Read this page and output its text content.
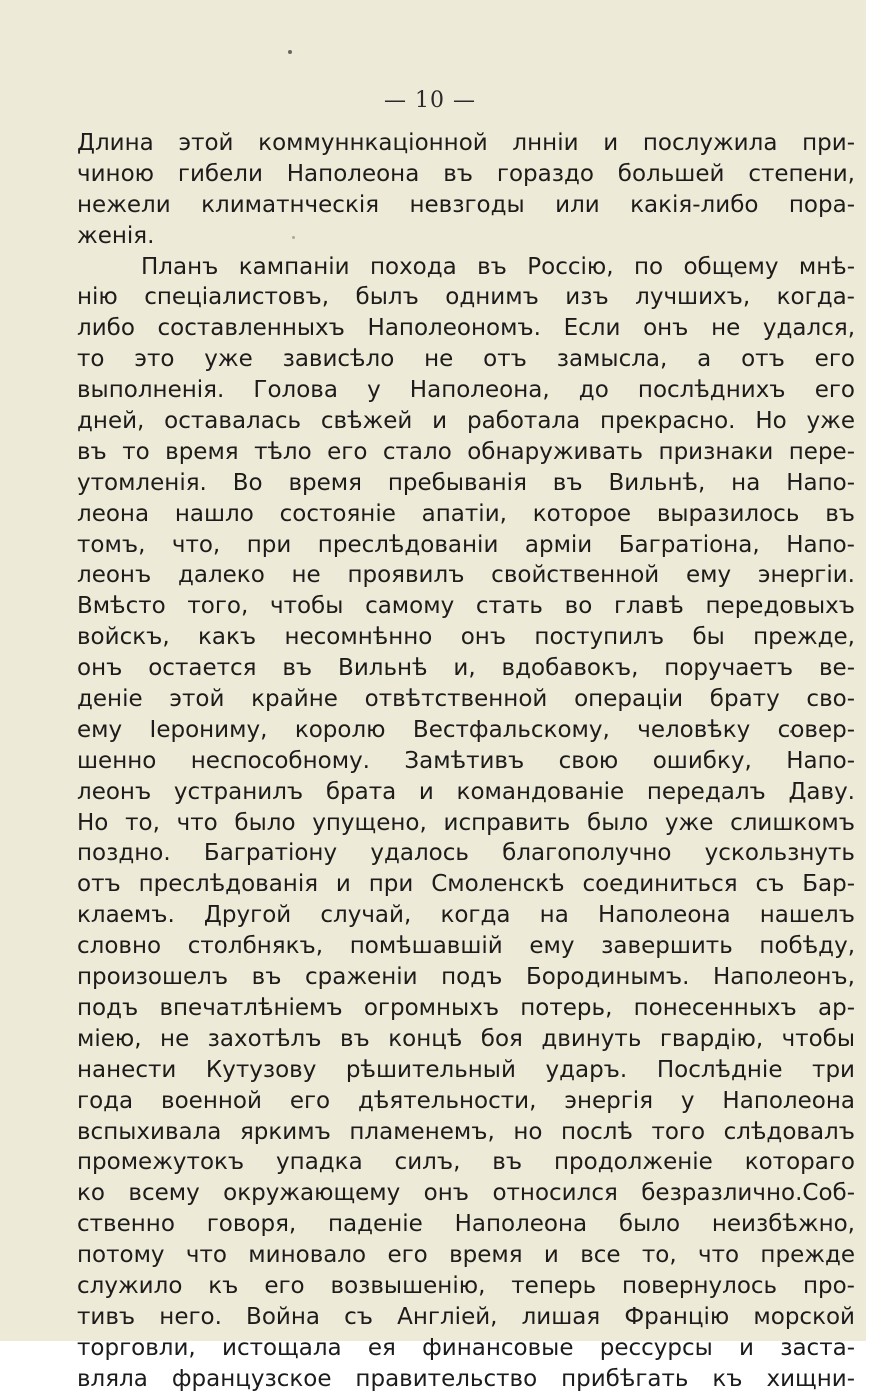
— 10 —
Длина этой коммуннкаціонной лнніи и послужила при-
чиною гибели Наполеона въ гораздо большей степени,
нежели климатнческія невзгоды или какія-либо пора-
женія.
Планъ кампаніи похода въ Россію, по общему мнѣ-
нію спеціалистовъ, былъ однимъ изъ лучшихъ, когда-
либо составленныхъ Наполеономъ. Если онъ не удался,
то это уже зависѣло не отъ замысла, а отъ его
выполненія. Голова у Наполеона, до послѣднихъ его
дней, оставалась свѣжей и работала прекрасно. Но уже
въ то время тѣло его стало обнаруживать признаки пере-
утомленія. Во время пребыванія въ Вильнѣ, на Напо-
леона нашло состояніе апатіи, которое выразилось въ
томъ, что, при преслѣдованіи арміи Багратіона, Напо-
леонъ далеко не проявилъ свойственной ему энергіи.
Вмѣсто того, чтобы самому стать во главѣ передовыхъ
войскъ, какъ несомнѣнно онъ поступилъ бы прежде,
онъ остается въ Вильнѣ и, вдобавокъ, поручаетъ ве-
деніе этой крайне отвѣтственной операціи брату сво-
ему Іерониму, королю Вестфальскому, человѣку совер-
шенно неспособному. Замѣтивъ свою ошибку, Напо-
леонъ устранилъ брата и командованіе передалъ Даву.
Но то, что было упущено, исправить было уже слишкомъ
поздно. Багратіону удалось благополучно ускользнуть
отъ преслѣдованія и при Смоленскѣ соединиться съ Бар-
клаемъ. Другой случай, когда на Наполеона нашелъ
словно столбнякъ, помѣшавшій ему завершить побѣду,
произошелъ въ сраженіи подъ Бородинымъ. Наполеонъ,
подъ впечатлѣніемъ огромныхъ потерь, понесенныхъ ар-
міею, не захотѣлъ въ концѣ боя двинуть гвардію, чтобы
нанести Кутузову рѣшительный ударъ. Послѣдніе три
года военной его дѣятельности, энергія у Наполеона
вспыхивала яркимъ пламенемъ, но послѣ того слѣдовалъ
промежутокъ упадка силъ, въ продолженіе котораго
ко всему окружающему онъ относился безразлично.Соб-
ственно говоря, паденіе Наполеона было неизбѣжно,
потому что миновало его время и все то, что прежде
служило къ его возвышенію, теперь повернулось про-
тивъ него. Война съ Англіей, лишая Францію морской
торговли, истощала ея финансовые рессурсы и заста-
вляла французское правительство прибѣгать къ хищни-
